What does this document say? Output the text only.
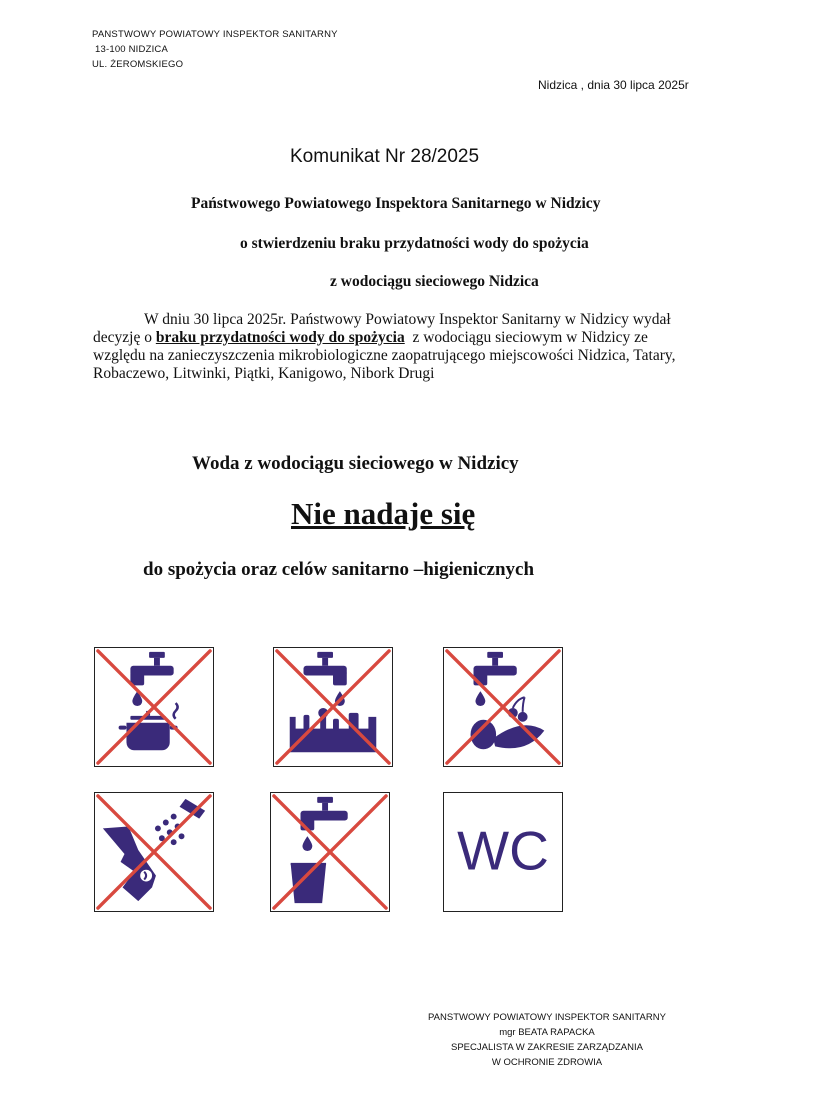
PANSTWOWY POWIATOWY INSPEKTOR SANITARNY
13-100 NIDZICA
UL. ŻEROMSKIEGO
Nidzica , dnia 30 lipca 2025r
Komunikat Nr 28/2025
Państwowego Powiatowego Inspektora Sanitarnego w Nidzicy
o stwierdzeniu braku przydatności wody do spożycia
z wodociągu sieciowego Nidzica
W dniu 30 lipca 2025r. Państwowy Powiatowy Inspektor Sanitarny w Nidzicy wydał
decyzję o braku przydatności wody do spożycia  z wodociągu sieciowym w Nidzicy ze
względu na zanieczyszczenia mikrobiologiczne zaopatrującego miejscowości Nidzica, Tatary,
Robaczewo, Litwinki, Piątki, Kanigowo, Nibork Drugi
Woda z wodociągu sieciowego w Nidzicy
Nie nadaje się
do spożycia oraz celów sanitarno –higienicznych
WC
PANSTWOWY POWIATOWY INSPEKTOR SANITARNY
mgr BEATA RAPACKA
SPECJALISTA W ZAKRESIE ZARZĄDZANIA
W OCHRONIE ZDROWIA
